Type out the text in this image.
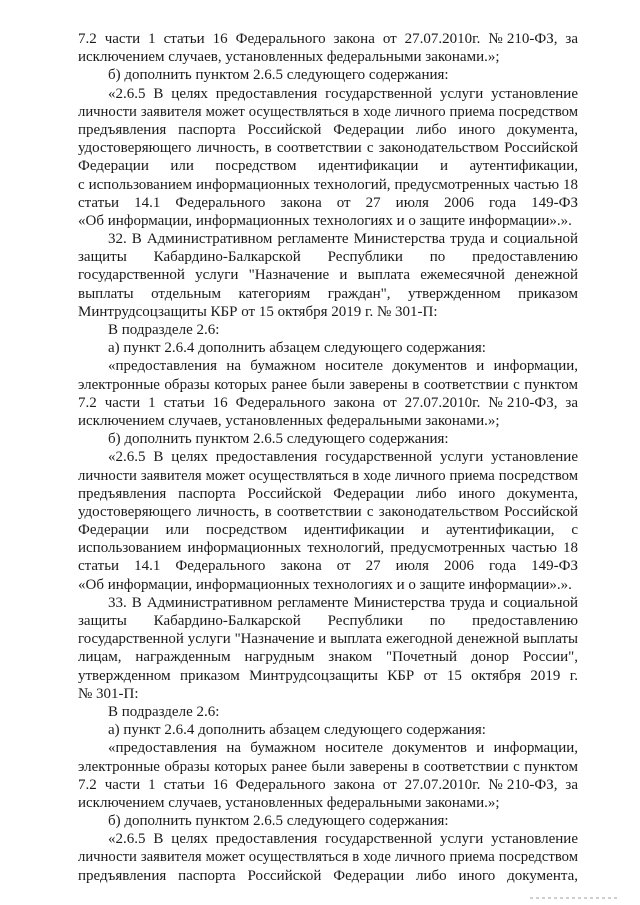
7.2 части 1 статьи 16 Федерального закона от 27.07.2010г. №210-ФЗ, за
исключением случаев, установленных федеральными законами.»;
б) дополнить пунктом 2.6.5 следующего содержания:
«2.6.5 В целях предоставления государственной услуги установление
личности заявителя может осуществляться в ходе личного приема посредством
предъявления паспорта Российской Федерации либо иного документа,
удостоверяющего личность, в соответствии с законодательством Российской
Федерации или посредством идентификации и аутентификации,
с использованием информационных технологий, предусмотренных частью 18
статьи 14.1 Федерального закона от 27 июля 2006 года 149-ФЗ
«Об информации, информационных технологиях и о защите информации».».
32. В Административном регламенте Министерства труда и социальной
защиты Кабардино-Балкарской Республики по предоставлению
государственной услуги "Назначение и выплата ежемесячной денежной
выплаты отдельным категориям граждан", утвержденном приказом
Минтрудсоцзащиты КБР от 15 октября 2019 г. № 301-П:
В подразделе 2.6:
а) пункт 2.6.4 дополнить абзацем следующего содержания:
«предоставления на бумажном носителе документов и информации,
электронные образы которых ранее были заверены в соответствии с пунктом
7.2 части 1 статьи 16 Федерального закона от 27.07.2010г. №210-ФЗ, за
исключением случаев, установленных федеральными законами.»;
б) дополнить пунктом 2.6.5 следующего содержания:
«2.6.5 В целях предоставления государственной услуги установление
личности заявителя может осуществляться в ходе личного приема посредством
предъявления паспорта Российской Федерации либо иного документа,
удостоверяющего личность, в соответствии с законодательством Российской
Федерации или посредством идентификации и аутентификации, с
использованием информационных технологий, предусмотренных частью 18
статьи 14.1 Федерального закона от 27 июля 2006 года 149-ФЗ
«Об информации, информационных технологиях и о защите информации».».
33. В Административном регламенте Министерства труда и социальной
защиты Кабардино-Балкарской Республики по предоставлению
государственной услуги "Назначение и выплата ежегодной денежной выплаты
лицам, награжденным нагрудным знаком "Почетный донор России",
утвержденном приказом Минтрудсоцзащиты КБР от 15 октября 2019 г.
№ 301-П:
В подразделе 2.6:
а) пункт 2.6.4 дополнить абзацем следующего содержания:
«предоставления на бумажном носителе документов и информации,
электронные образы которых ранее были заверены в соответствии с пунктом
7.2 части 1 статьи 16 Федерального закона от 27.07.2010г. №210-ФЗ, за
исключением случаев, установленных федеральными законами.»;
б) дополнить пунктом 2.6.5 следующего содержания:
«2.6.5 В целях предоставления государственной услуги установление
личности заявителя может осуществляться в ходе личного приема посредством
предъявления паспорта Российской Федерации либо иного документа,
